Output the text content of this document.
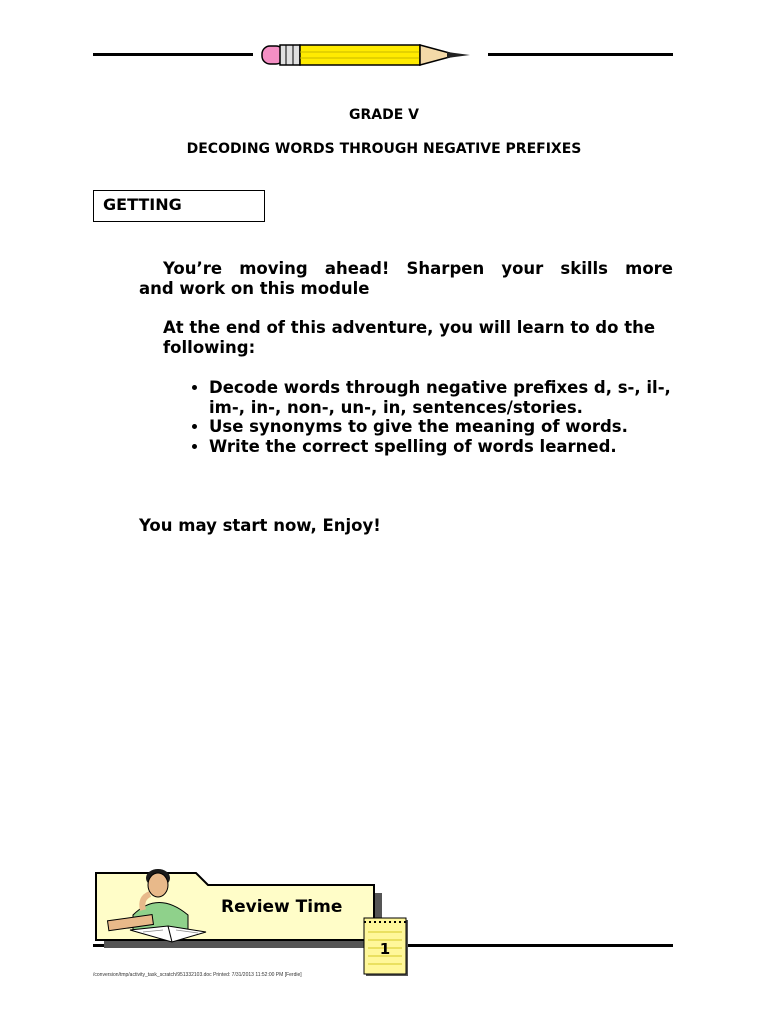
GRADE V
DECODING WORDS THROUGH NEGATIVE PREFIXES
GETTING
You’re moving ahead! Sharpen your skills more
and work on this module
At the end of this adventure, you will learn to do the following:
• Decode words through negative prefixes d, s-, il-, im-, in-, non-, un-, in, sentences/stories.
• Use synonyms to give the meaning of words.
• Write the correct spelling of words learned.
You may start now, Enjoy!
Review Time
1
/conversion/tmp/activity_task_scratch/951332103.doc Printed: 7/31/2013 11:52:00 PM [Ferdie]
